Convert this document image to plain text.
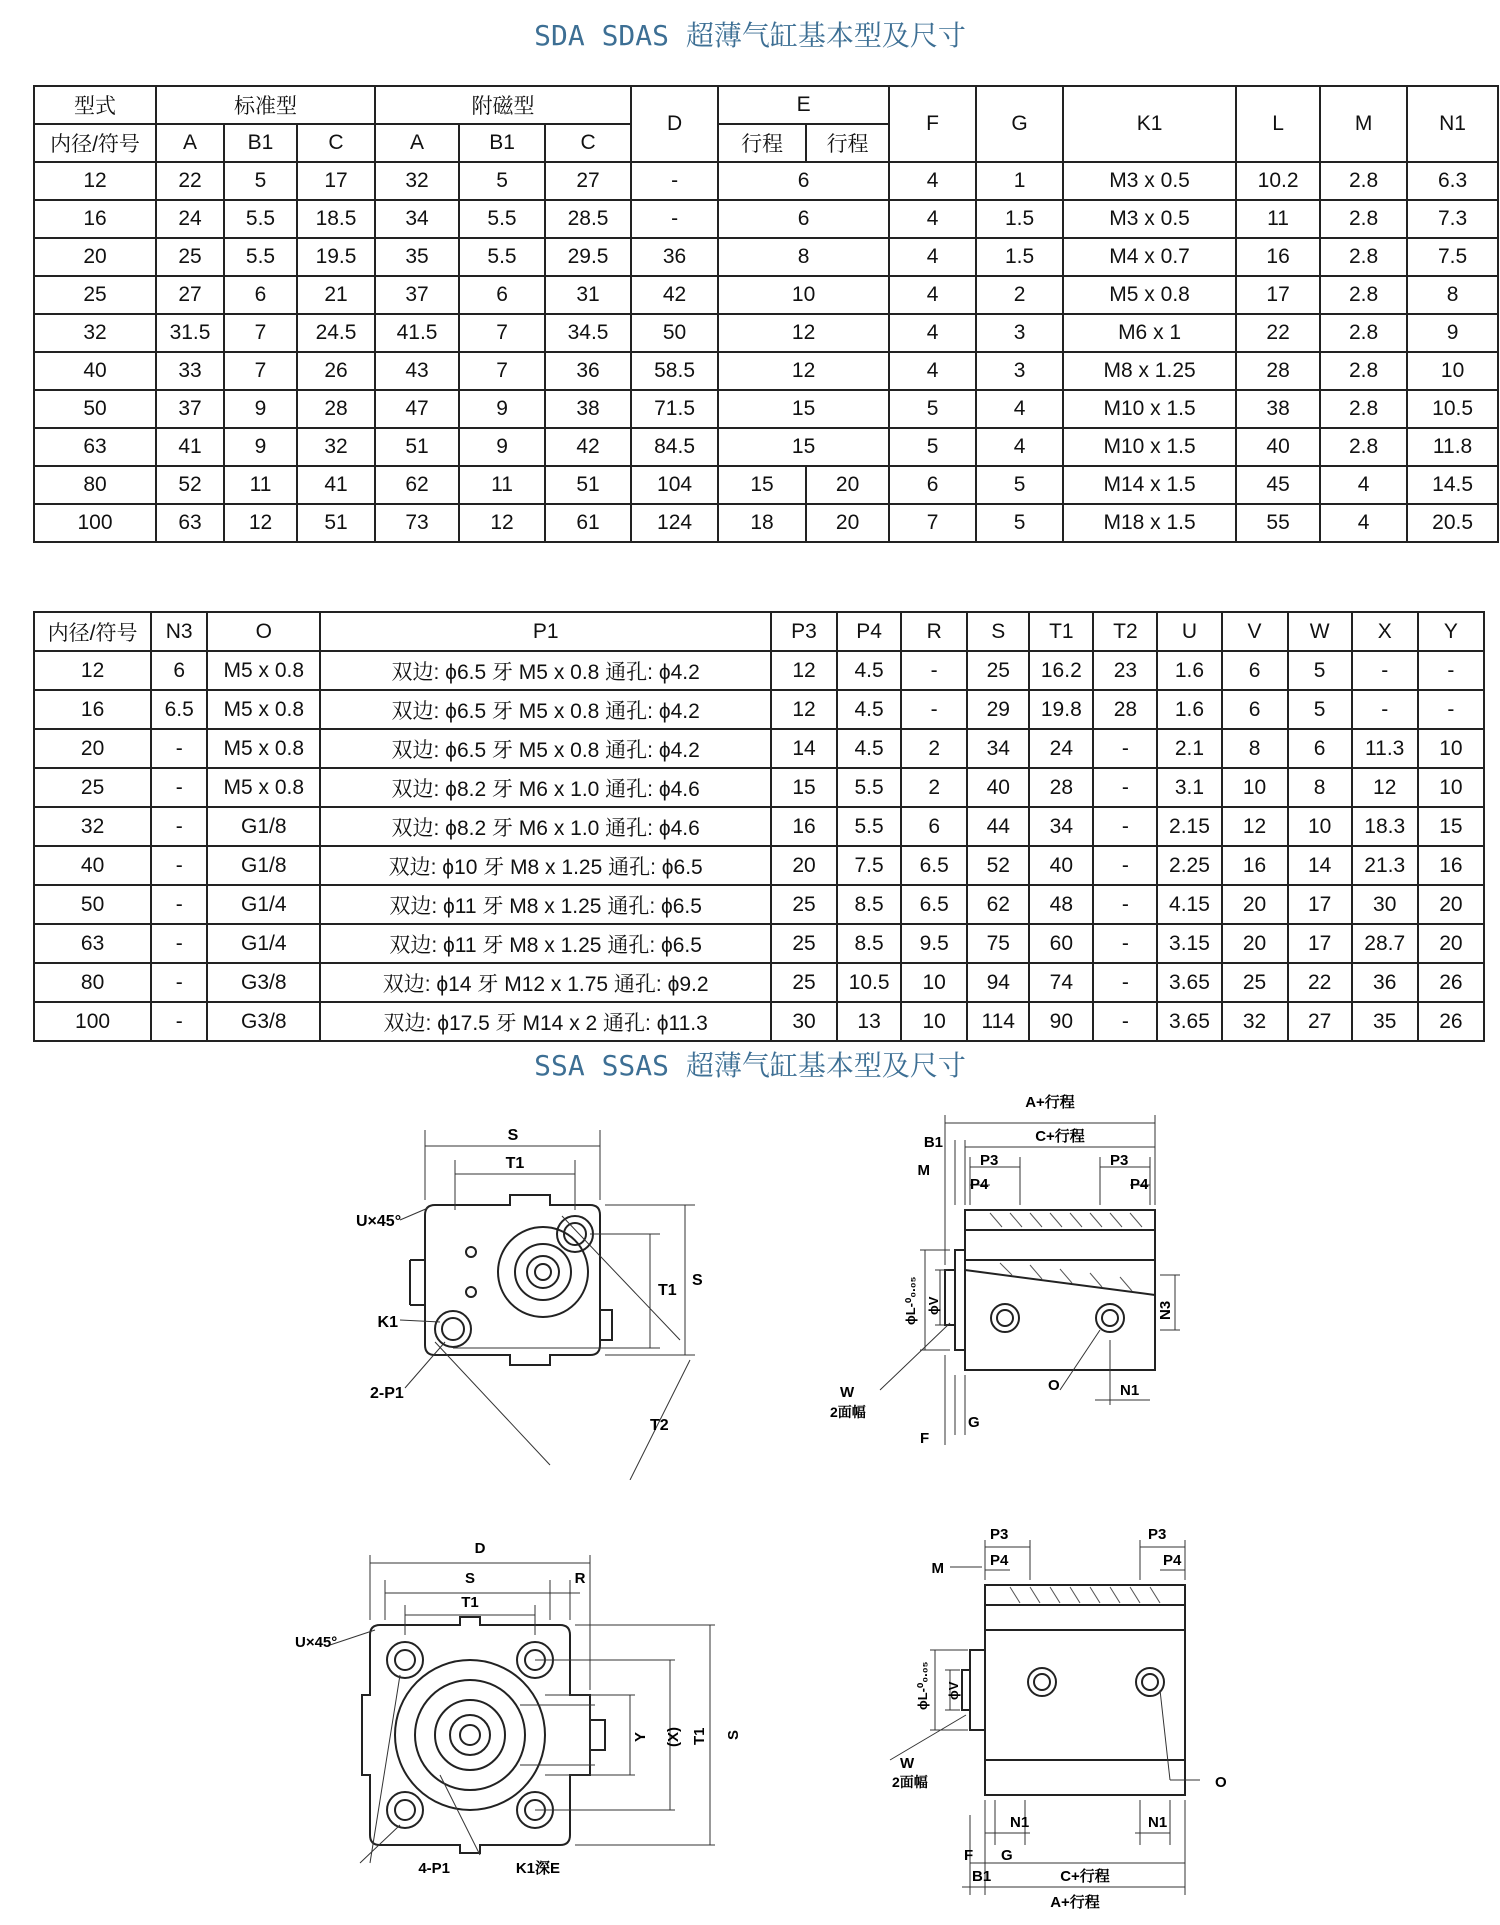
SDA SDAS 超薄气缸基本型及尺寸
型式	标准型			附磁型			D	E		F	G	K1	L	M	N1
内径/符号	A	B1	C	A	B1	C		行程	行程						
12	22	5	17	32	5	27	-	6		4	1	M3 x 0.5	10.2	2.8	6.3
16	24	5.5	18.5	34	5.5	28.5	-	6		4	1.5	M3 x 0.5	11	2.8	7.3
20	25	5.5	19.5	35	5.5	29.5	36	8		4	1.5	M4 x 0.7	16	2.8	7.5
25	27	6	21	37	6	31	42	10		4	2	M5 x 0.8	17	2.8	8
32	31.5	7	24.5	41.5	7	34.5	50	12		4	3	M6 x 1	22	2.8	9
40	33	7	26	43	7	36	58.5	12		4	3	M8 x 1.25	28	2.8	10
50	37	9	28	47	9	38	71.5	15		5	4	M10 x 1.5	38	2.8	10.5
63	41	9	32	51	9	42	84.5	15		5	4	M10 x 1.5	40	2.8	11.8
80	52	11	41	62	11	51	104	15	20	6	5	M14 x 1.5	45	4	14.5
100	63	12	51	73	12	61	124	18	20	7	5	M18 x 1.5	55	4	20.5
内径/符号	N3	O	P1	P3	P4	R	S	T1	T2	U	V	W	X	Y
12	6	M5 x 0.8	双边: ϕ6.5 牙 M5 x 0.8 通孔: ϕ4.2	12	4.5	-	25	16.2	23	1.6	6	5	-	-
16	6.5	M5 x 0.8	双边: ϕ6.5 牙 M5 x 0.8 通孔: ϕ4.2	12	4.5	-	29	19.8	28	1.6	6	5	-	-
20	-	M5 x 0.8	双边: ϕ6.5 牙 M5 x 0.8 通孔: ϕ4.2	14	4.5	2	34	24	-	2.1	8	6	11.3	10
25	-	M5 x 0.8	双边: ϕ8.2 牙 M6 x 1.0 通孔: ϕ4.6	15	5.5	2	40	28	-	3.1	10	8	12	10
32	-	G1/8	双边: ϕ8.2 牙 M6 x 1.0 通孔: ϕ4.6	16	5.5	6	44	34	-	2.15	12	10	18.3	15
40	-	G1/8	双边: ϕ10 牙 M8 x 1.25 通孔: ϕ6.5	20	7.5	6.5	52	40	-	2.25	16	14	21.3	16
50	-	G1/4	双边: ϕ11 牙 M8 x 1.25 通孔: ϕ6.5	25	8.5	6.5	62	48	-	4.15	20	17	30	20
63	-	G1/4	双边: ϕ11 牙 M8 x 1.25 通孔: ϕ6.5	25	8.5	9.5	75	60	-	3.15	20	17	28.7	20
80	-	G3/8	双边: ϕ14 牙 M12 x 1.75 通孔: ϕ9.2	25	10.5	10	94	74	-	3.65	25	22	36	26
100	-	G3/8	双边: ϕ17.5 牙 M14 x 2 通孔: ϕ11.3	30	13	10	114	90	-	3.65	32	27	35	26
SSA SSAS 超薄气缸基本型及尺寸
S
T1
U×45°
K1
2-P1
T2
T1
S
A+行程
C+行程
B1
M
P3	P3
P4	P4
ϕL-⁰₀.₀₅ ϕV	N3
W
2面幅
O	N1
F
G
D
S	R
T1
U×45°
4-P1	K1深E
Y (X) T1 S
P3	P3
P4	P4
M
ϕL-⁰₀.₀₅ ϕV
W
2面幅
N1	N1
O
F G
B1	C+行程
A+行程
